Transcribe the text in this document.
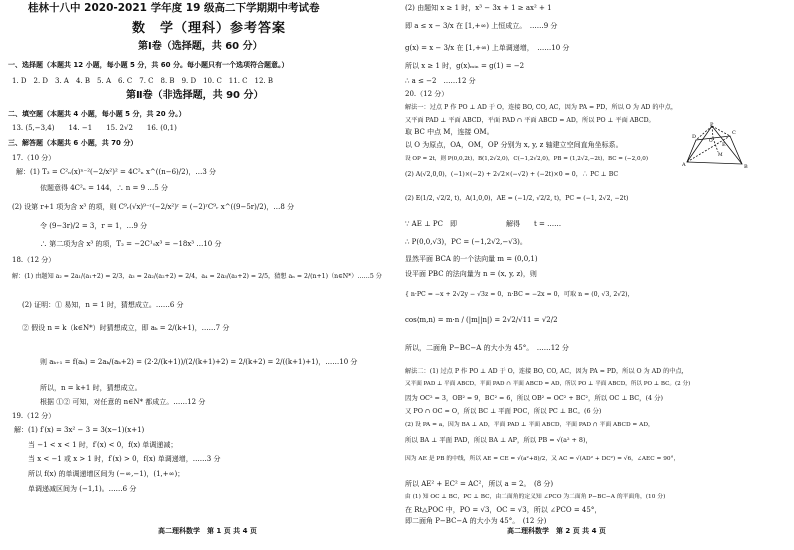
桂林十八中 2020-2021 学年度 19 级高二下学期期中考试卷
数　学（理科）参考答案
第Ⅰ卷（选择题，共 60 分）
一、选择题（本题共 12 小题，每小题 5 分，共 60 分。每小题只有一个选项符合题意。）
1. D　2. D　3. A　4. B　5. A　6. C　7. C　8. B　9. D　10. C　11. C　12. B
第Ⅱ卷（非选择题，共 90 分）
二、填空题（本题共 4 小题，每小题 5 分，共 20 分。）
13. (5,−3,4)　　14. −1　　15. 2√2　　16. (0,1)
三、解答题（本题共 6 小题，共 70 分）
17.（10 分）
解：(1) T₃ = C²ₙ(x)ⁿ⁻²(−2/x²)² = 4C²ₙ x^((n−6)/2)，…3 分
依题意得 4C²ₙ = 144，∴ n = 9 …5 分
(2) 设第 r+1 项为含 x³ 的项，则 C⁹ᵣ(√x)⁹⁻ʳ(−2/x²)ʳ = (−2)ʳC⁹ᵣ x^((9−5r)/2)，…8 分
令 (9−3r)/2 = 3，r = 1，…9 分
∴ 第二项为含 x³ 的项，T₂ = −2C¹₉x³ = −18x³ …10 分
18.（12 分）
解：(1) 由题知 a₂ = 2a₁/(a₁+2) = 2/3，a₃ = 2a₂/(a₂+2) = 2/4，a₄ = 2a₃/(a₃+2) = 2/5，猜想 aₙ = 2/(n+1)（n∈N*）……5 分
(2) 证明：① 易知，n = 1 时，猜想成立。……6 分
② 假设 n = k（k∈N*）时猜想成立，即 aₖ = 2/(k+1)，……7 分
则 aₖ₊₁ = f(aₖ) = 2aₖ/(aₖ+2) = (2·2/(k+1))/(2/(k+1)+2) = 2/(k+2) = 2/((k+1)+1)，……10 分
所以，n = k+1 时，猜想成立。
根据 ①② 可知，对任意的 n∈N* 都成立。……12 分
19.（12 分）
解：(1) f′(x) = 3x² − 3 = 3(x−1)(x+1)
当 −1 < x < 1 时，f′(x) < 0，f(x) 单调递减；
当 x < −1 或 x > 1 时，f′(x) > 0，f(x) 单调递增，……3 分
所以 f(x) 的单调递增区间为 (−∞,−1)，(1,+∞)；
单调递减区间为 (−1,1)。……6 分
高二理科数学　第 1 页 共 4 页
(2) 由题知 x ≥ 1 时，x³ − 3x + 1 ≥ ax² + 1
即 a ≤ x − 3/x 在 [1,+∞) 上恒成立。　……9 分
g(x) = x − 3/x 在 [1,+∞) 上单调递增，　……10 分
所以 x ≥ 1 时，g(x)ₘᵢₙ = g(1) = −2
∴ a ≤ −2　……12 分
20.（12 分）
解法一：过点 P 作 PO ⊥ AD 于 O，连接 BO, CO, AC，因为 PA = PD，所以 O 为 AD 的中点，
又平面 PAD ⊥ 平面 ABCD，平面 PAD ∩ 平面 ABCD = AD，所以 PO ⊥ 平面 ABCD。
取 BC 中点 M，连接 OM。
以 O 为原点，OA，OM，OP 分别为 x, y, z 轴建立空间直角坐标系。
设 OP = 2t，则 P(0,0,2t)，B(1,2√2,0)，C(−1,2√2,0)，PB = (1,2√2,−2t)，BC = (−2,0,0)
(2) A(√2,0,0)，(−1)×(−2) + 2√2×(−√2) + (−2t)×0 = 0，∴ PC ⊥ BC
(2) E(1/2, √2/2, t)，A(1,0,0)，AE = (−1/2, √2/2, t)，PC = (−1, 2√2, −2t)
∵ AE ⊥ PC　即　　　　　　　解得　　t = ……
∴ P(0,0,√3)，PC = (−1,2√2,−√3)。
显然平面 BCA 的一个法向量 m = (0,0,1)
设平面 PBC 的法向量为 n = (x, y, z)，则
{ n·PC = −x + 2√2y − √3z = 0，n·BC = −2x = 0，可取 n = (0, √3, 2√2)，
cos⟨m,n⟩ = m·n / (|m||n|) = 2√2/√11 = √2/2
所以，二面角 P−BC−A 的大小为 45°。　……12 分
解法二：(1) 过点 P 作 PO ⊥ AD 于 O，连接 BO, CO, AC，因为 PA = PD，所以 O 为 AD 的中点，
又平面 PAD ⊥ 平面 ABCD，平面 PAD ∩ 平面 ABCD = AD，所以 PO ⊥ 平面 ABCD，所以 PO ⊥ BC。(2 分)
因为 OC² = 3，OB² = 9，BC² = 6，所以 OB² = OC² + BC²，所以 OC ⊥ BC，(4 分)
又 PO ∩ OC = O，所以 BC ⊥ 平面 POC，所以 PC ⊥ BC。(6 分)
(2) 设 PA = a，因为 BA ⊥ AD，平面 PAD ⊥ 平面 ABCD，平面 PAD ∩ 平面 ABCD = AD，
所以 BA ⊥ 平面 PAD，所以 BA ⊥ AP，所以 PB = √(a² + 8)，
因为 AE 是 PB 的中线，所以 AE = CE = √(a²+8)/2，又 AC = √(AD² + DC²) = √6，∠AEC = 90°，
所以 AE² + EC² = AC²，所以 a = 2。　(8 分)
由 (1) 知 OC ⊥ BC，PC ⊥ BC，由二面角的定义知 ∠PCO 为二面角 P−BC−A 的平面角，(10 分)
在 Rt△POC 中，PO = √3，OC = √3，所以 ∠PCO = 45°，
即二面角 P−BC−A 的大小为 45°。　(12 分)
P
E
A
D
B
C
O
M
高二理科数学　第 2 页 共 4 页
